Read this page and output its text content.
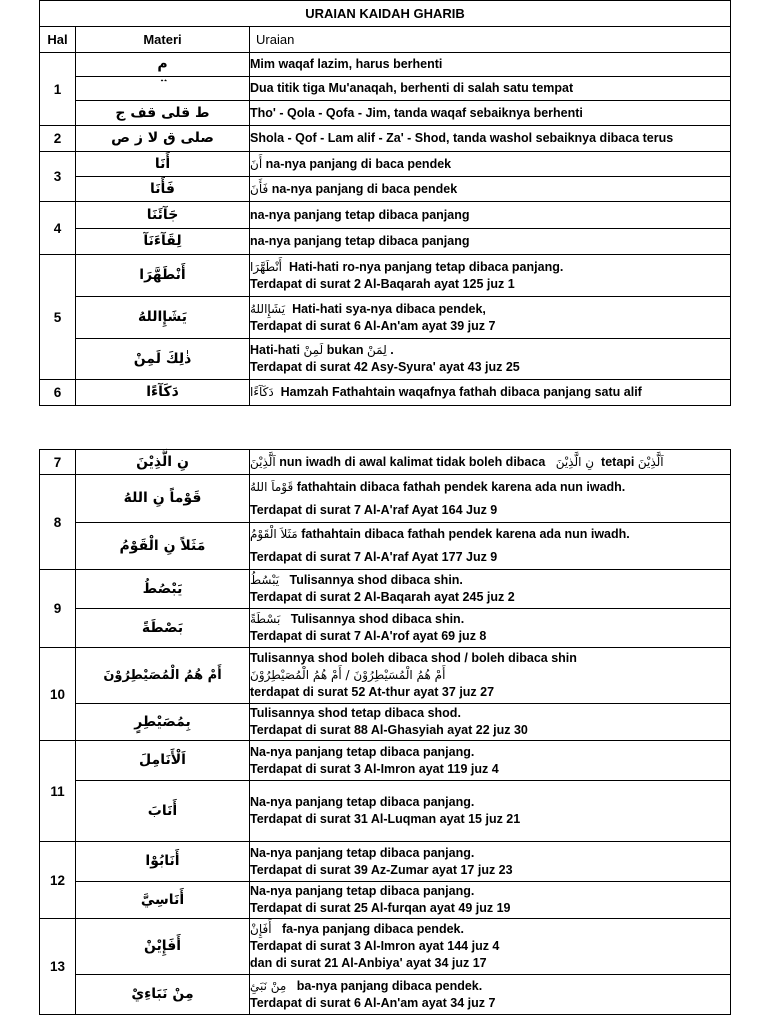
URAIAN KAIDAH GHARIB		
Hal	Materi	Uraian
1	م	Mim waqaf lazim, harus berhenti
	ۛ ۛ	Dua titik tiga Mu'anaqah, berhenti di salah satu tempat
	ط قلى قف ج	Tho' - Qola - Qofa - Jim, tanda waqaf sebaiknya berhenti
2	صلى ق لا ز ص	Shola - Qof - Lam alif - Za' - Shod, tanda washol sebaiknya dibaca terus
3	أَنَا	أَنَ na-nya panjang di baca pendek
	فَأَنَا	فَأَنَ na-nya panjang di baca pendek
4	جَآئَنَا	na-nya panjang tetap dibaca panjang
	لِقَآءَنَآ	na-nya panjang tetap dibaca panjang
5	أَنْطَهَّرَا	أَنْطَهَّرَا Hati-hati ro-nya panjang tetap dibaca panjang.
Terdapat di surat 2 Al-Baqarah ayat 125 juz 1

	يَشَإِاللهُ	يَشَإِاللهُ Hati-hati sya-nya dibaca pendek,
Terdapat di surat 6 Al-An'am ayat 39 juz 7

	ذٰلِكَ لَمِنْ	Hati-hati لَمِنْ bukan لِمَنْ .
Terdapat di surat 42 Asy-Syura' ayat 43 juz 25

6	دَكَآءًا	دَكَآءًا Hamzah Fathahtain waqafnya fathah dibaca panjang satu alif
7	نِ الَّذِيْنَ	اَلَّذِيْنَ nun iwadh di awal kalimat tidak boleh dibaca نِ الَّذِيْنَ tetapi اَلَّذِيْنَ
8	قَوْماً نِ اللهُ	قَوْماَ اللهُ fathahtain dibaca fathah pendek karena ada nun iwadh.
Terdapat di surat 7 Al-A'raf Ayat 164 Juz 9

	مَثَلاً نِ الْقَوْمُ	مَثَلاَ الْقَوْمُ fathahtain dibaca fathah pendek karena ada nun iwadh.
Terdapat di surat 7 Al-A'raf Ayat 177 Juz 9

9	يَبْصُطُ	يَبْسُطُ Tulisannya shod dibaca shin.
Terdapat di surat 2 Al-Baqarah ayat 245 juz 2

	بَصْطَةً	بَسْطَةً Tulisannya shod dibaca shin.
Terdapat di surat 7 Al-A'rof ayat 69 juz 8

10	أَمْ هُمُ الْمُصَيْطِرُوْنَ	Tulisannya shod boleh dibaca shod / boleh dibaca shin
أَمْ هُمُ الْمُسَيْطِرُوْنَ / أَمْ هُمُ الْمُصَيْطِرُوْنَ
terdapat di surat 52 At-thur ayat 37 juz 27

	بِمُصَيْطِرٍ	Tulisannya shod tetap dibaca shod.
Terdapat di surat 88 Al-Ghasyiah ayat 22 juz 30

11	اَلْأَنَامِلَ	Na-nya panjang tetap dibaca panjang.
Terdapat di surat 3 Al-Imron ayat 119 juz 4

	أَنَابَ	Na-nya panjang tetap dibaca panjang.
Terdapat di surat 31 Al-Luqman ayat 15 juz 21

12	أَنَابُوْا	Na-nya panjang tetap dibaca panjang.
Terdapat di surat 39 Az-Zumar ayat 17 juz 23

	أَنَاسِيَّ	Na-nya panjang tetap dibaca panjang.
Terdapat di surat 25 Al-furqan ayat 49 juz 19

13	أَفَإِيْنْ	أَفَإِنْ fa-nya panjang dibaca pendek.
Terdapat di surat 3 Al-Imron ayat 144 juz 4
dan di surat 21 Al-Anbiya' ayat 34 juz 17

	مِنْ نَبَاءِيْ	مِنْ نَبَئِ ba-nya panjang dibaca pendek.
Terdapat di surat 6 Al-An'am ayat 34 juz 7
